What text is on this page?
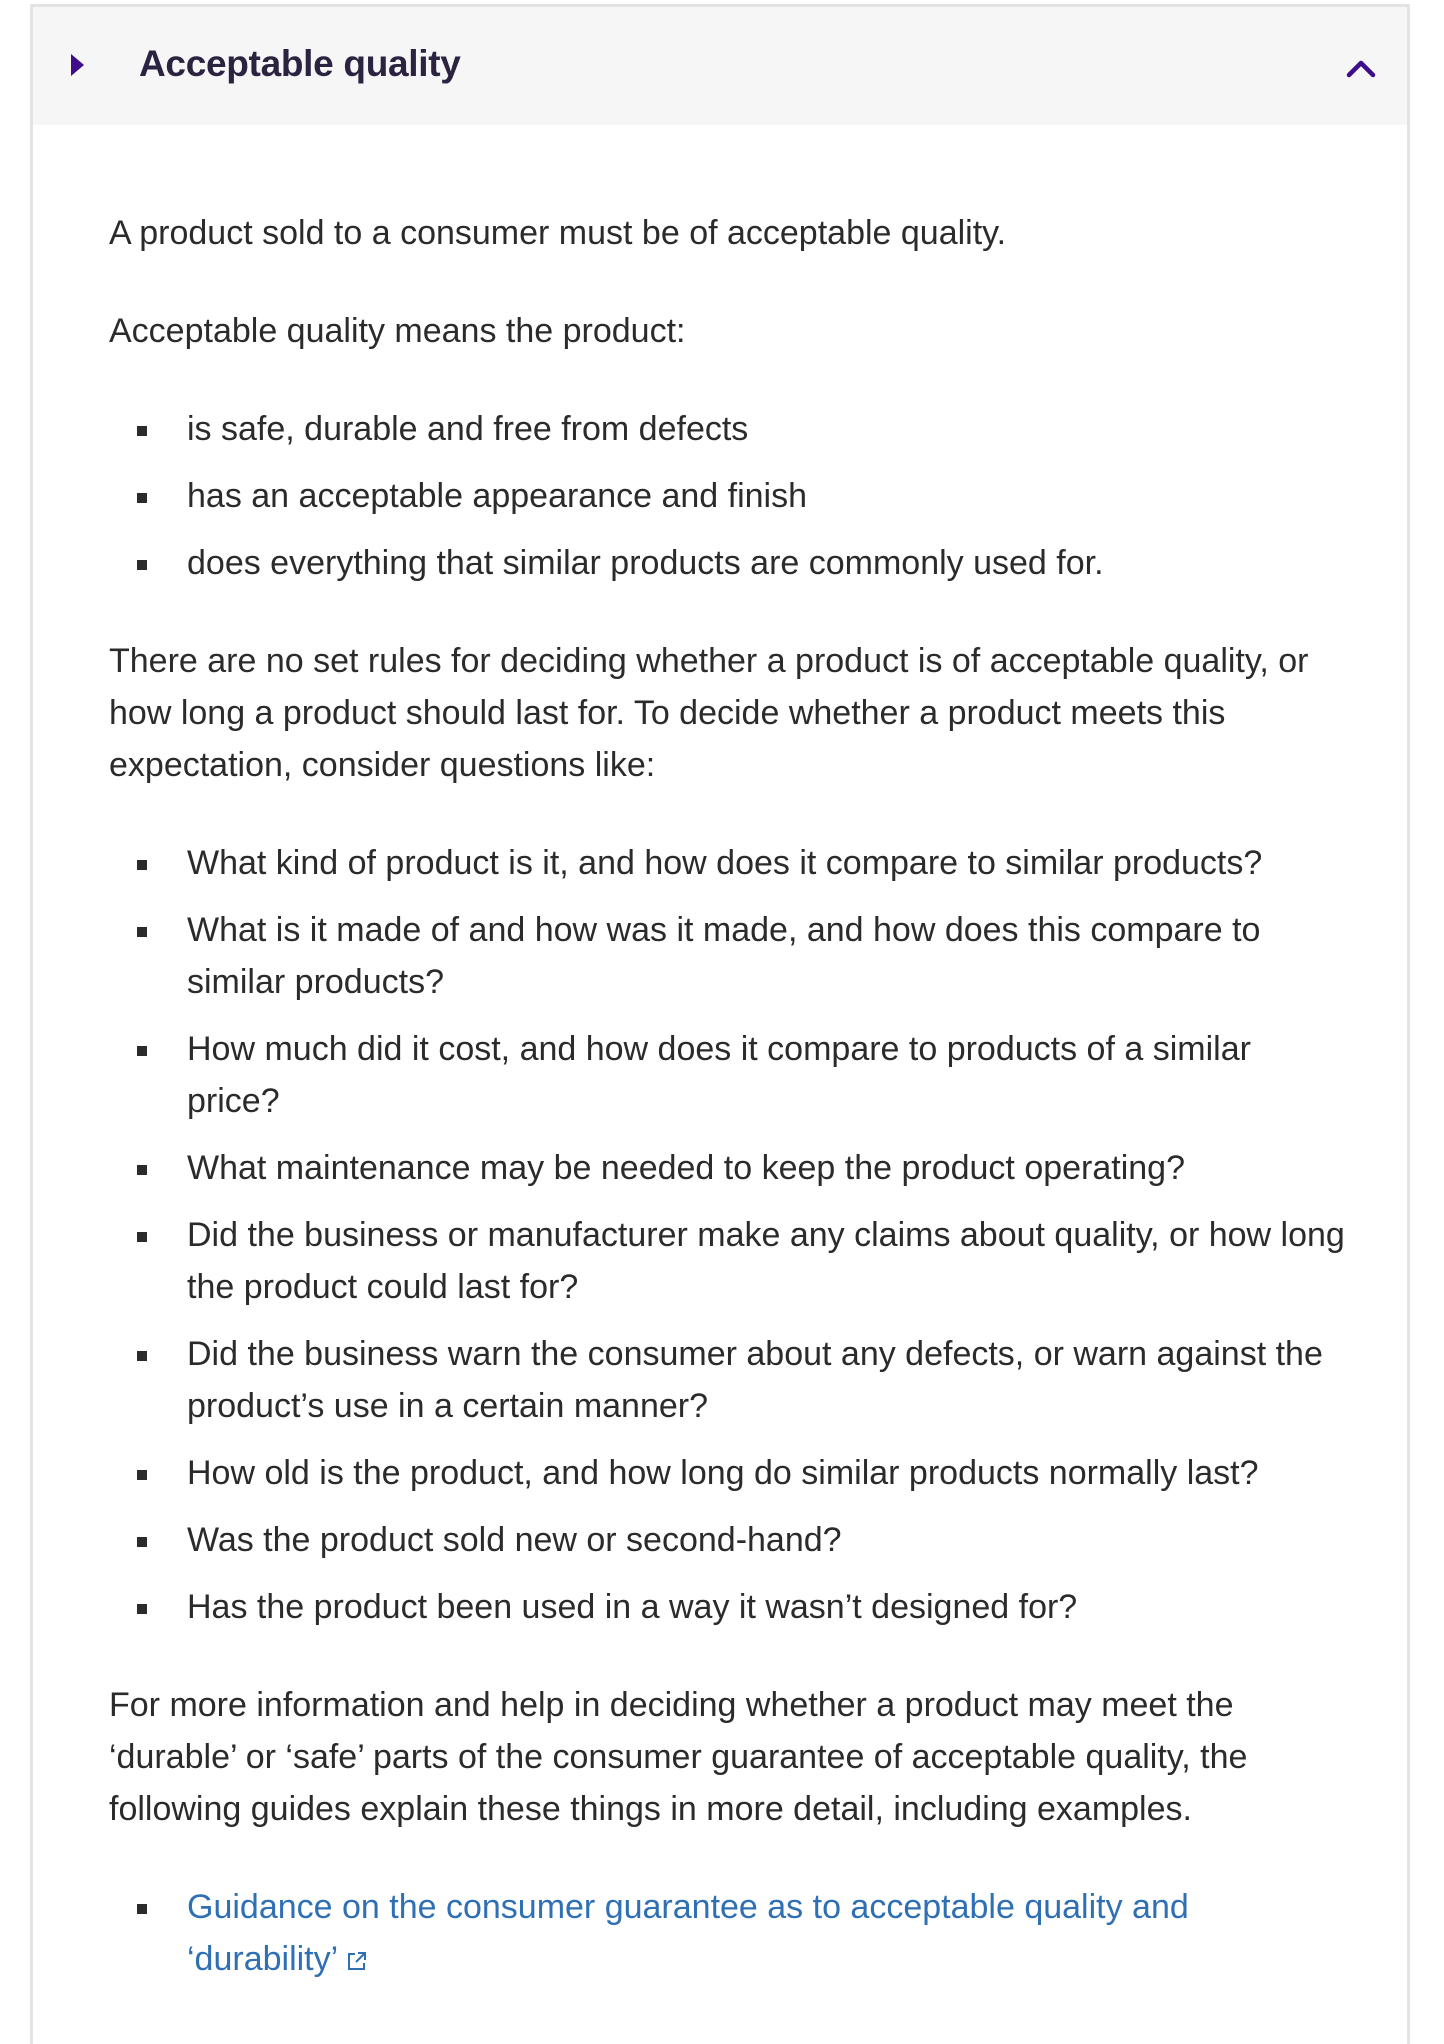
Acceptable quality

A product sold to a consumer must be of acceptable quality.

Acceptable quality means the product:

is safe, durable and free from defects
has an acceptable appearance and finish
does everything that similar products are commonly used for.

There are no set rules for deciding whether a product is of acceptable quality, or how long a product should last for. To decide whether a product meets this expectation, consider questions like:

What kind of product is it, and how does it compare to similar products?
What is it made of and how was it made, and how does this compare to similar products?
How much did it cost, and how does it compare to products of a similar price?
What maintenance may be needed to keep the product operating?
Did the business or manufacturer make any claims about quality, or how long the product could last for?
Did the business warn the consumer about any defects, or warn against the product’s use in a certain manner?
How old is the product, and how long do similar products normally last?
Was the product sold new or second-hand?
Has the product been used in a way it wasn’t designed for?

For more information and help in deciding whether a product may meet the ‘durable’ or ‘safe’ parts of the consumer guarantee of acceptable quality, the following guides explain these things in more detail, including examples.

Guidance on the consumer guarantee as to acceptable quality and ‘durability’
